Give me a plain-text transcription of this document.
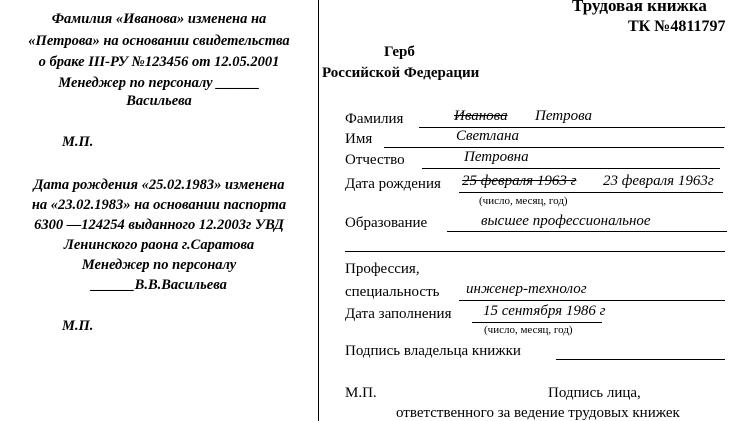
Фамилия «Иванова» изменена на
«Петрова» на основании свидетельства
о браке III-РУ №123456 от 12.05.2001
Менеджер по персоналу ______
Васильева
М.П.
Дата рождения «25.02.1983» изменена
на «23.02.1983» на основании паспорта
6300 —124254 выданного 12.2003г УВД
Ленинского раона г.Саратова
Менеджер по персоналу
______В.В.Васильева
М.П.
Трудовая книжка
ТК №4811797
Герб
Российской Федерации
Фамилия	Иванова Петрова
Имя	Светлана
Отчество	Петровна
Дата рождения 25 февраля 1963 г 23 февраля 1963г
(число, месяц, год)
Образование	высшее профессиональное
Профессия,
специальность инженер-технолог
Дата заполнения 15 сентября 1986 г
(число, месяц, год)
Подпись владельца книжки
М.П.	Подпись лица,
ответственного за ведение трудовых книжек
